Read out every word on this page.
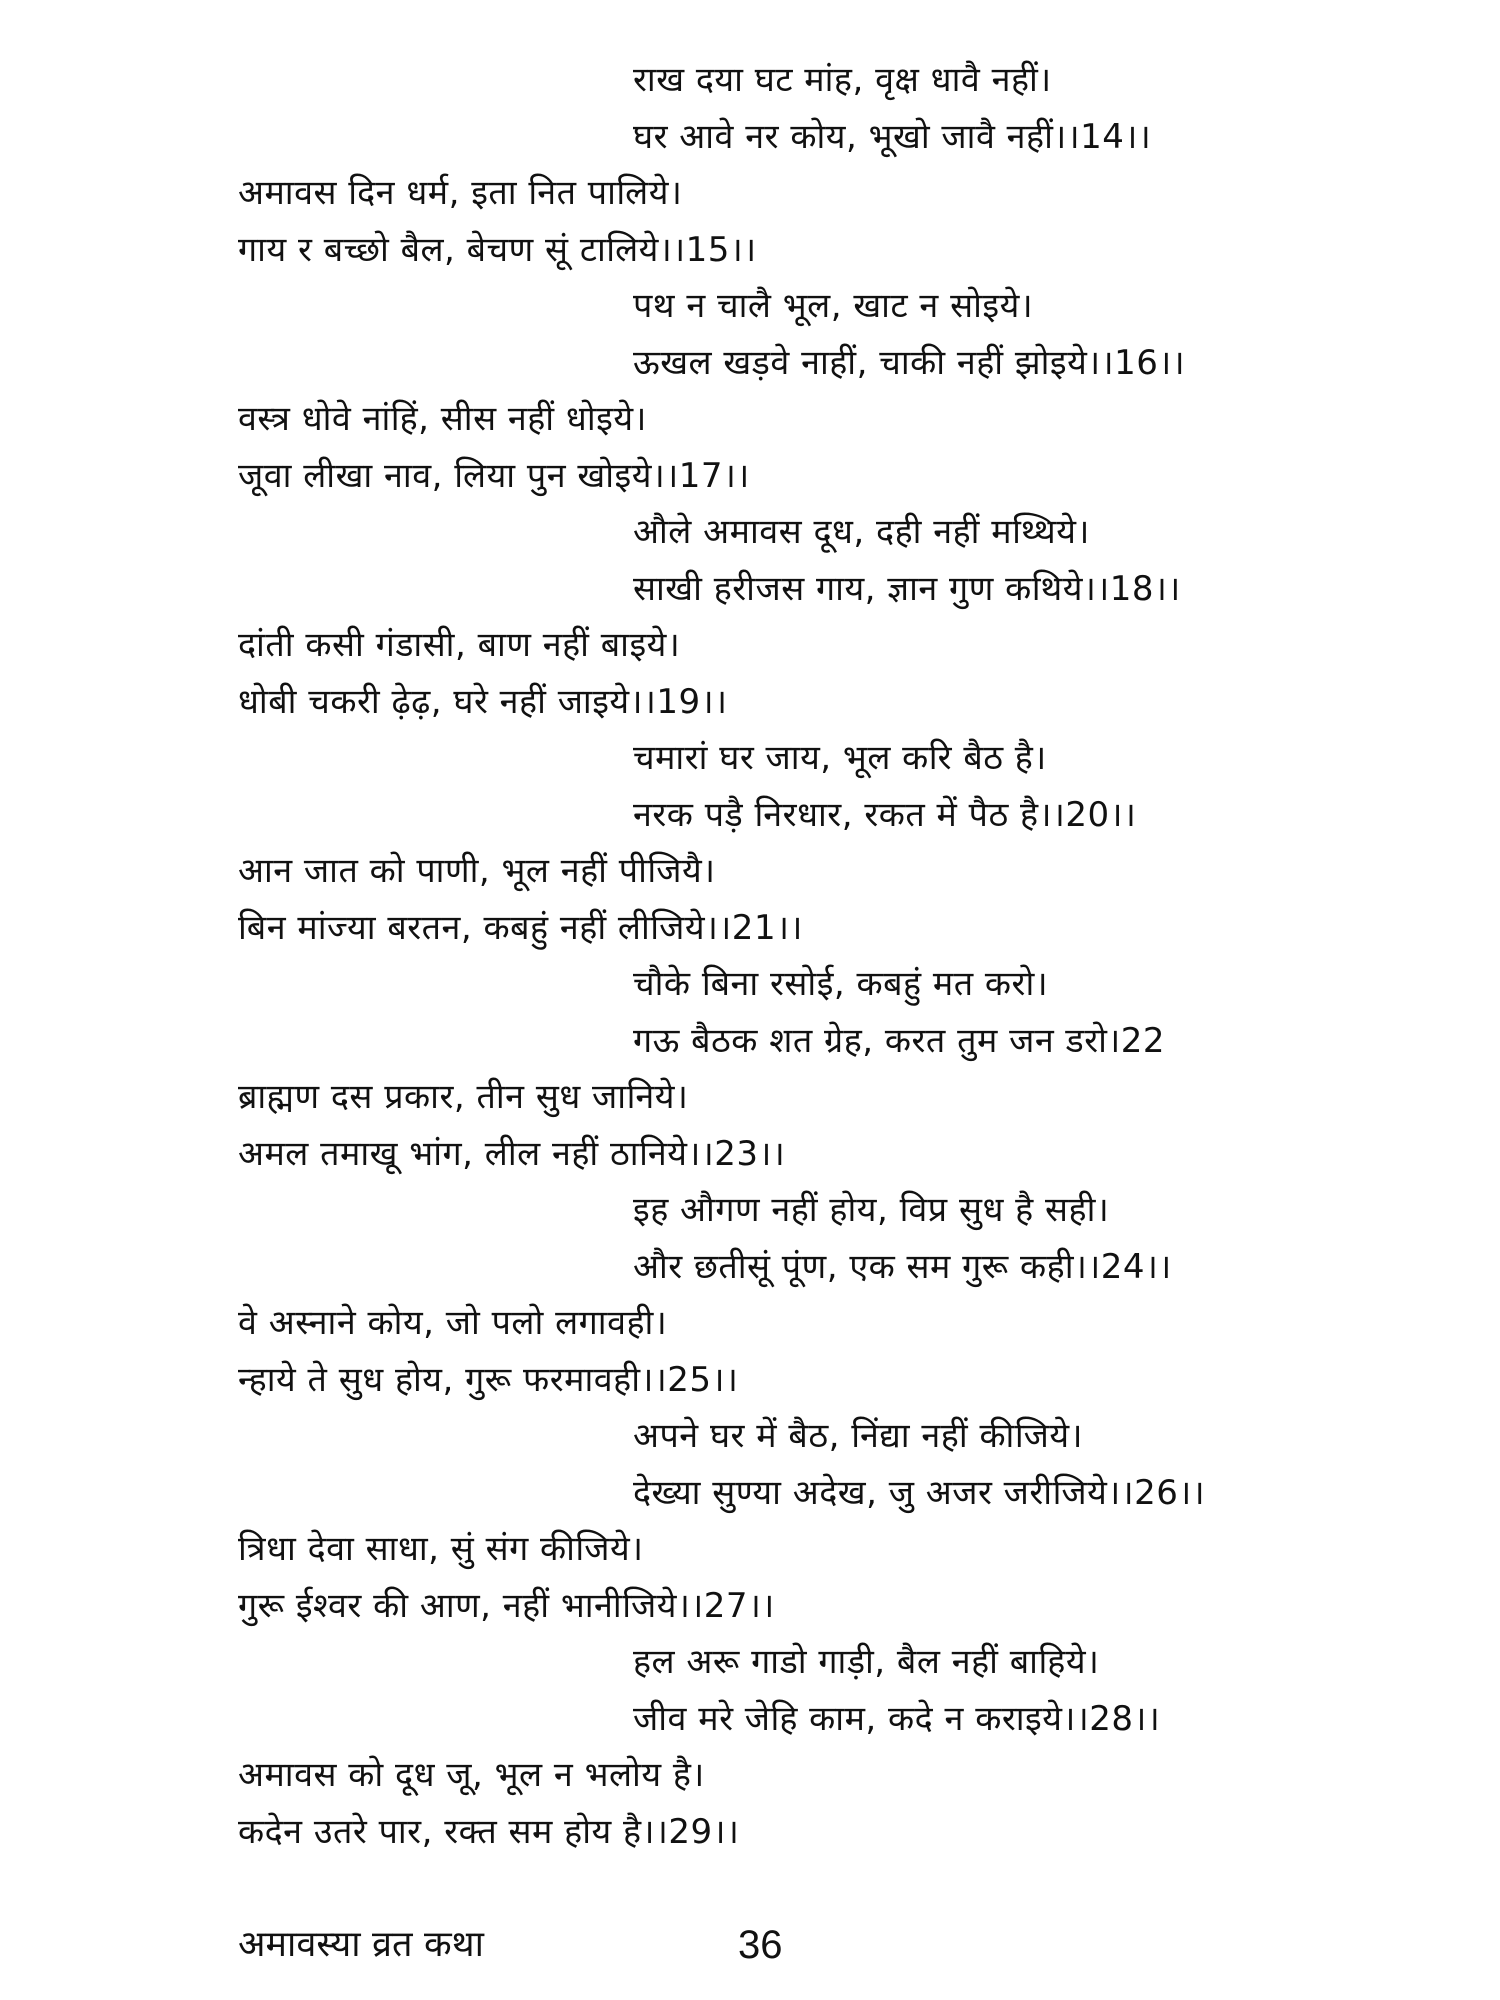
राख दया घट मांह, वृक्ष धावै नहीं।
घर आवे नर कोय, भूखो जावै नहीं।।14।।
अमावस दिन धर्म, इता नित पालिये।
गाय र बच्छो बैल, बेचण सूं टालिये।।15।।
पथ न चालै भूल, खाट न सोइये।
ऊखल खड़वे नाहीं, चाकी नहीं झोइये।।16।।
वस्त्र धोवे नांहिं, सीस नहीं धोइये।
जूवा लीखा नाव, लिया पुन खोइये।।17।।
औले अमावस दूध, दही नहीं मथ्थिये।
साखी हरीजस गाय, ज्ञान गुण कथिये।।18।।
दांती कसी गंडासी, बाण नहीं बाइये।
धोबी चकरी ढ़ेढ़, घरे नहीं जाइये।।19।।
चमारां घर जाय, भूल करि बैठ है।
नरक पड़ै निरधार, रकत में पैठ है।।20।।
आन जात को पाणी, भूल नहीं पीजियै।
बिन मांज्या बरतन, कबहुं नहीं लीजिये।।21।।
चौके बिना रसोई, कबहुं मत करो।
गऊ बैठक शत ग्रेह, करत तुम जन डरो।22
ब्राह्मण दस प्रकार, तीन सुध जानिये।
अमल तमाखू भांग, लील नहीं ठानिये।।23।।
इह औगण नहीं होय, विप्र सुध है सही।
और छतीसूं पूंण, एक सम गुरू कही।।24।।
वे अस्नाने कोय, जो पलो लगावही।
न्हाये ते सुध होय, गुरू फरमावही।।25।।
अपने घर में बैठ, निंद्या नहीं कीजिये।
देख्या सुण्या अदेख, जु अजर जरीजिये।।26।।
त्रिधा देवा साधा, सुं संग कीजिये।
गुरू ईश्वर की आण, नहीं भानीजिये।।27।।
हल अरू गाडो गाड़ी, बैल नहीं बाहिये।
जीव मरे जेहि काम, कदे न कराइये।।28।।
अमावस को दूध जू, भूल न भलोय है।
कदेन उतरे पार, रक्त सम होय है।।29।।
अमावस्या व्रत कथा	36
